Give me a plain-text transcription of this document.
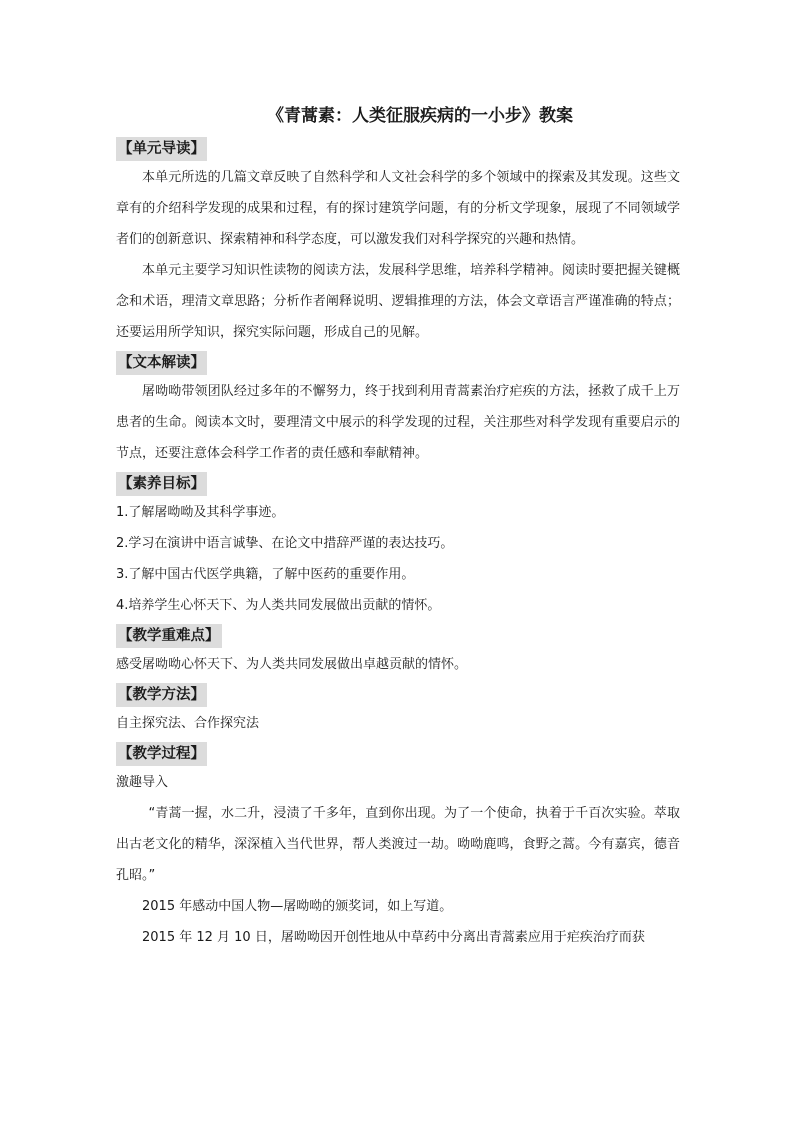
《青蒿素：人类征服疾病的一小步》教案
【单元导读】

本单元所选的几篇文章反映了自然科学和人文社会科学的多个领域中的探索及其发现。这些文章有的介绍科学发现的成果和过程，有的探讨建筑学问题，有的分析文学现象，展现了不同领域学者们的创新意识、探索精神和科学态度，可以激发我们对科学探究的兴趣和热情。

本单元主要学习知识性读物的阅读方法，发展科学思维，培养科学精神。阅读时要把握关键概念和术语，理清文章思路；分析作者阐释说明、逻辑推理的方法，体会文章语言严谨准确的特点；还要运用所学知识，探究实际问题，形成自己的见解。

【文本解读】

屠呦呦带领团队经过多年的不懈努力，终于找到利用青蒿素治疗疟疾的方法，拯救了成千上万患者的生命。阅读本文时，要理清文中展示的科学发现的过程，关注那些对科学发现有重要启示的节点，还要注意体会科学工作者的责任感和奉献精神。

【素养目标】

1.了解屠呦呦及其科学事迹。

2.学习在演讲中语言诚挚、在论文中措辞严谨的表达技巧。

3.了解中国古代医学典籍，了解中医药的重要作用。

4.培养学生心怀天下、为人类共同发展做出贡献的情怀。

【教学重难点】

感受屠呦呦心怀天下、为人类共同发展做出卓越贡献的情怀。

【教学方法】

自主探究法、合作探究法

【教学过程】

激趣导入

“青蒿一握，水二升，浸渍了千多年，直到你出现。为了一个使命，执着于千百次实验。萃取出古老文化的精华，深深植入当代世界，帮人类渡过一劫。呦呦鹿鸣，食野之蒿。今有嘉宾，德音孔昭。”

2015 年感动中国人物—屠呦呦的颁奖词，如上写道。

2015 年 12 月 10 日，屠呦呦因开创性地从中草药中分离出青蒿素应用于疟疾治疗而获
